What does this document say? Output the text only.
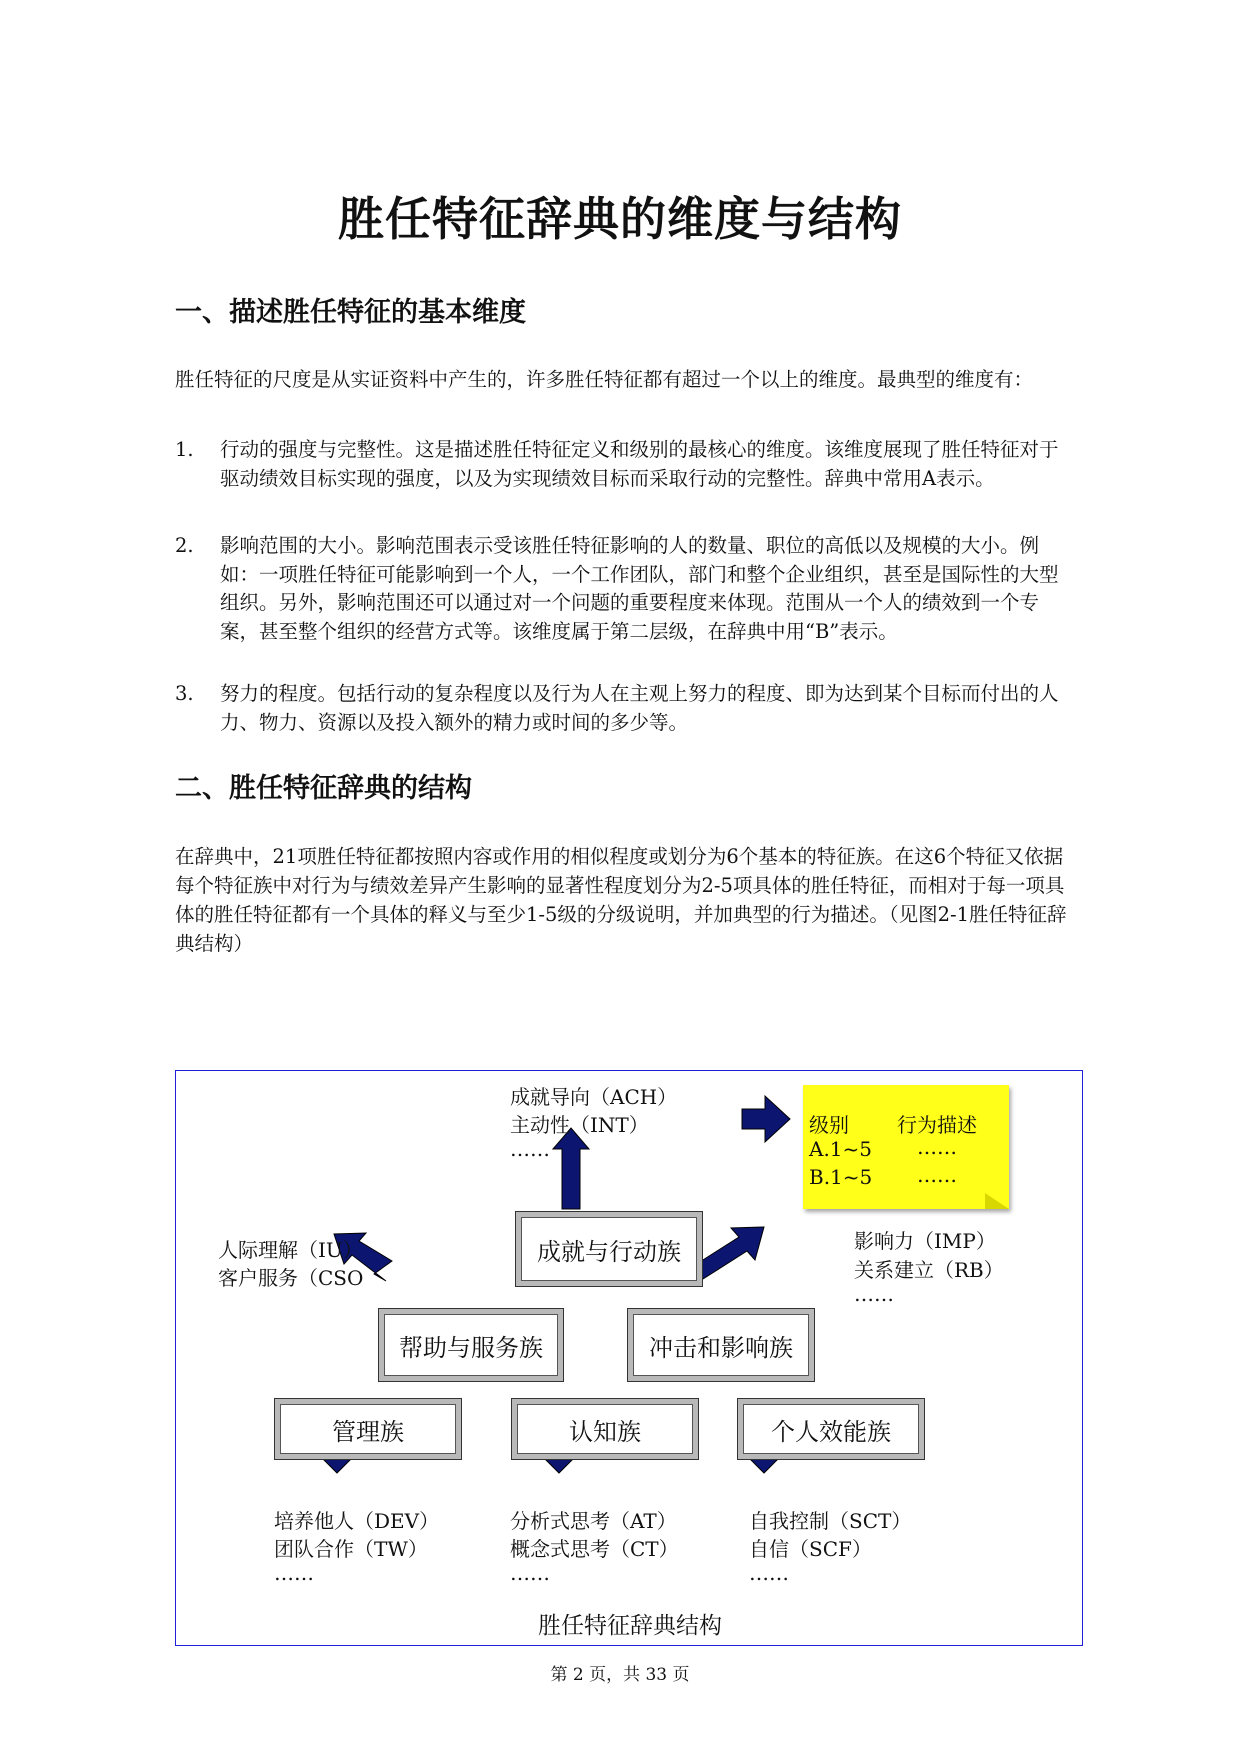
胜任特征辞典的维度与结构
一、描述胜任特征的基本维度
胜任特征的尺度是从实证资料中产生的，许多胜任特征都有超过一个以上的维度。最典型的维度有：
1. 行动的强度与完整性。这是描述胜任特征定义和级别的最核心的维度。该维度展现了胜任特征对于驱动绩效目标实现的强度，以及为实现绩效目标而采取行动的完整性。辞典中常用A表示。
2. 影响范围的大小。影响范围表示受该胜任特征影响的人的数量、职位的高低以及规模的大小。例如：一项胜任特征可能影响到一个人，一个工作团队，部门和整个企业组织，甚至是国际性的大型组织。另外，影响范围还可以通过对一个问题的重要程度来体现。范围从一个人的绩效到一个专案，甚至整个组织的经营方式等。该维度属于第二层级，在辞典中用“B”表示。
3. 努力的程度。包括行动的复杂程度以及行为人在主观上努力的程度、即为达到某个目标而付出的人力、物力、资源以及投入额外的精力或时间的多少等。
二、胜任特征辞典的结构
在辞典中，21项胜任特征都按照内容或作用的相似程度或划分为6个基本的特征族。在这6个特征又依据每个特征族中对行为与绩效差异产生影响的显著性程度划分为2-5项具体的胜任特征，而相对于每一项具体的胜任特征都有一个具体的释义与至少1-5级的分级说明，并加典型的行为描述。（见图2-1胜任特征辞典结构）
成就导向（ACH）
主动性（INT）
……
级别 行为描述
A.1~5 ……
B.1~5 ……
成就与行动族
人际理解（IU）
客户服务（CSO
影响力（IMP）
关系建立（RB）
……
帮助与服务族	冲击和影响族
管理族	认知族	个人效能族
培养他人（DEV）
团队合作（TW）
……
分析式思考（AT）
概念式思考（CT）
……
自我控制（SCT）
自信（SCF）
……
胜任特征辞典结构
第 2 页，共 33 页
